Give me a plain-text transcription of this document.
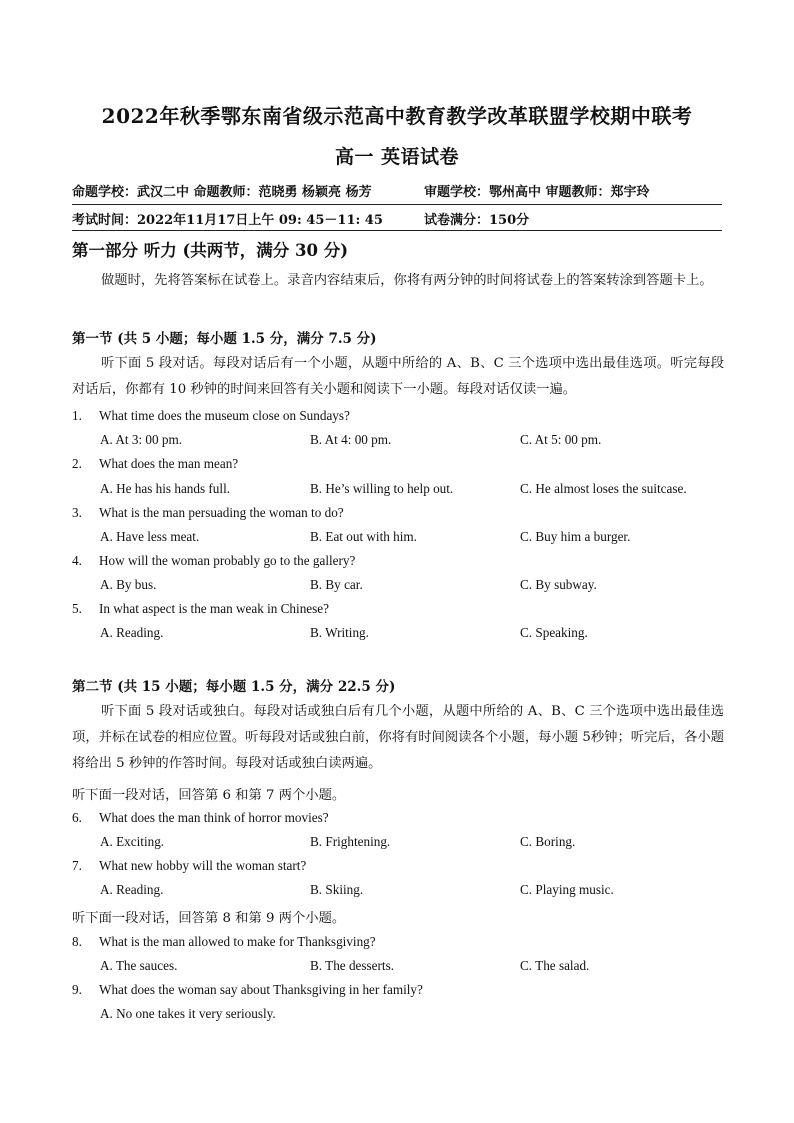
2022年秋季鄂东南省级示范高中教育教学改革联盟学校期中联考
高一 英语试卷
命题学校：武汉二中 命题教师：范晓勇 杨颖亮 杨芳	审题学校：鄂州高中 审题教师：郑宇玲
考试时间：2022年11月17日上午 09: 45－11: 45	试卷满分：150分
第一部分 听力 (共两节，满分 30 分)
做题时，先将答案标在试卷上。录音内容结束后，你将有两分钟的时间将试卷上的答案转涂到答题卡上。
第一节 (共 5 小题；每小题 1.5 分，满分 7.5 分)
听下面 5 段对话。每段对话后有一个小题，从题中所给的 A、B、C 三个选项中选出最佳选项。听完每段对话后，你都有 10 秒钟的时间来回答有关小题和阅读下一小题。每段对话仅读一遍。
1. What time does the museum close on Sundays?
A. At 3: 00 pm.	B. At 4: 00 pm.	C. At 5: 00 pm.
2. What does the man mean?
A. He has his hands full.	B. He’s willing to help out.	C. He almost loses the suitcase.
3. What is the man persuading the woman to do?
A. Have less meat.	B. Eat out with him.	C. Buy him a burger.
4. How will the woman probably go to the gallery?
A. By bus.	B. By car.	C. By subway.
5. In what aspect is the man weak in Chinese?
A. Reading.	B. Writing.	C. Speaking.
第二节 (共 15 小题；每小题 1.5 分，满分 22.5 分)
听下面 5 段对话或独白。每段对话或独白后有几个小题，从题中所给的 A、B、C 三个选项中选出最佳选项，并标在试卷的相应位置。听每段对话或独白前，你将有时间阅读各个小题，每小题 5秒钟；听完后，各小题将给出 5 秒钟的作答时间。每段对话或独白读两遍。
听下面一段对话，回答第 6 和第 7 两个小题。
6. What does the man think of horror movies?
A. Exciting.	B. Frightening.	C. Boring.
7. What new hobby will the woman start?
A. Reading.	B. Skiing.	C. Playing music.
听下面一段对话，回答第 8 和第 9 两个小题。
8. What is the man allowed to make for Thanksgiving?
A. The sauces.	B. The desserts.	C. The salad.
9. What does the woman say about Thanksgiving in her family?
A. No one takes it very seriously.
